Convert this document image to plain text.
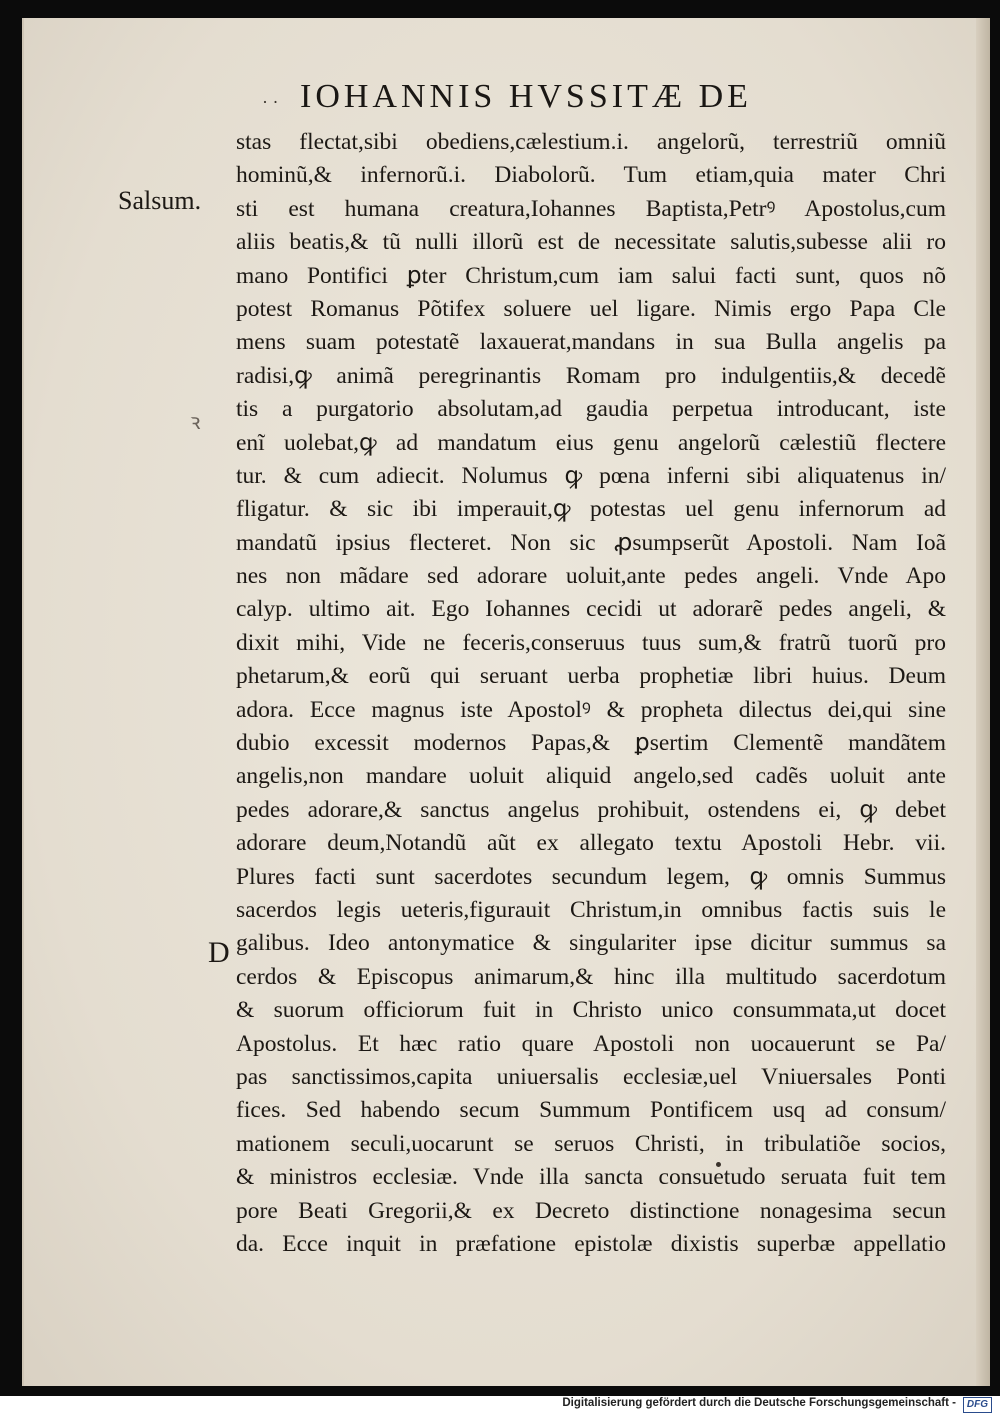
· · IOHANNIS HVSSITÆ DE
Salsum.
D
ꝛ
stas flectat,sibi obediens,cælestium.i. angelorũ, terrestriũ omniũ
hominũ,& infernorũ.i. Diabolorũ. Tum etiam,quia mater Chri
sti est humana creatura,Iohannes Baptista,Petrꝰ Apostolus,cum
aliis beatis,& tũ nulli illorũ est de necessitate salutis,subesse alii ro
mano Pontifici ꝑter Christum,cum iam salui facti sunt, quos nõ
potest Romanus Põtifex soluere uel ligare. Nimis ergo Papa Cle
mens suam potestatẽ laxauerat,mandans in sua Bulla angelis pa
radisi,ꝙ animã peregrinantis Romam pro indulgentiis,& decedẽ
tis a purgatorio absolutam,ad gaudia perpetua introducant, iste
enĩ uolebat,ꝙ ad mandatum eius genu angelorũ cælestiũ flectere
tur. & cum adiecit. Nolumus ꝙ pœna inferni sibi aliquatenus in/
fligatur. & sic ibi imperauit,ꝙ potestas uel genu infernorum ad
mandatũ ipsius flecteret. Non sic ꝓsumpserũt Apostoli. Nam Ioã
nes non mãdare sed adorare uoluit,ante pedes angeli. Vnde Apo
calyp. ultimo ait. Ego Iohannes cecidi ut adorarẽ pedes angeli, &
dixit mihi, Vide ne feceris,conseruus tuus sum,& fratrũ tuorũ pro
phetarum,& eorũ qui seruant uerba prophetiæ libri huius. Deum
adora. Ecce magnus iste Apostolꝰ & propheta dilectus dei,qui sine
dubio excessit modernos Papas,& ꝑsertim Clementẽ mandãtem
angelis,non mandare uoluit aliquid angelo,sed cadẽs uoluit ante
pedes adorare,& sanctus angelus prohibuit, ostendens ei, ꝙ debet
adorare deum,Notandũ aũt ex allegato textu Apostoli Hebr. vii.
Plures facti sunt sacerdotes secundum legem, ꝙ omnis Summus
sacerdos legis ueteris,figurauit Christum,in omnibus factis suis le
galibus. Ideo antonymatice & singulariter ipse dicitur summus sa
cerdos & Episcopus animarum,& hinc illa multitudo sacerdotum
& suorum officiorum fuit in Christo unico consummata,ut docet
Apostolus. Et hæc ratio quare Apostoli non uocauerunt se Pa/
pas sanctissimos,capita uniuersalis ecclesiæ,uel Vniuersales Ponti
fices. Sed habendo secum Summum Pontificem usq ad consum/
mationem seculi,uocarunt se seruos Christi, in tribulatiõe socios,
& ministros ecclesiæ. Vnde illa sancta consuetudo seruata fuit tem
pore Beati Gregorii,& ex Decreto distinctione nonagesima secun
da. Ecce inquit in præfatione epistolæ dixistis superbæ appellatio
Digitalisierung gefördert durch die Deutsche Forschungsgemeinschaft -	DFG
